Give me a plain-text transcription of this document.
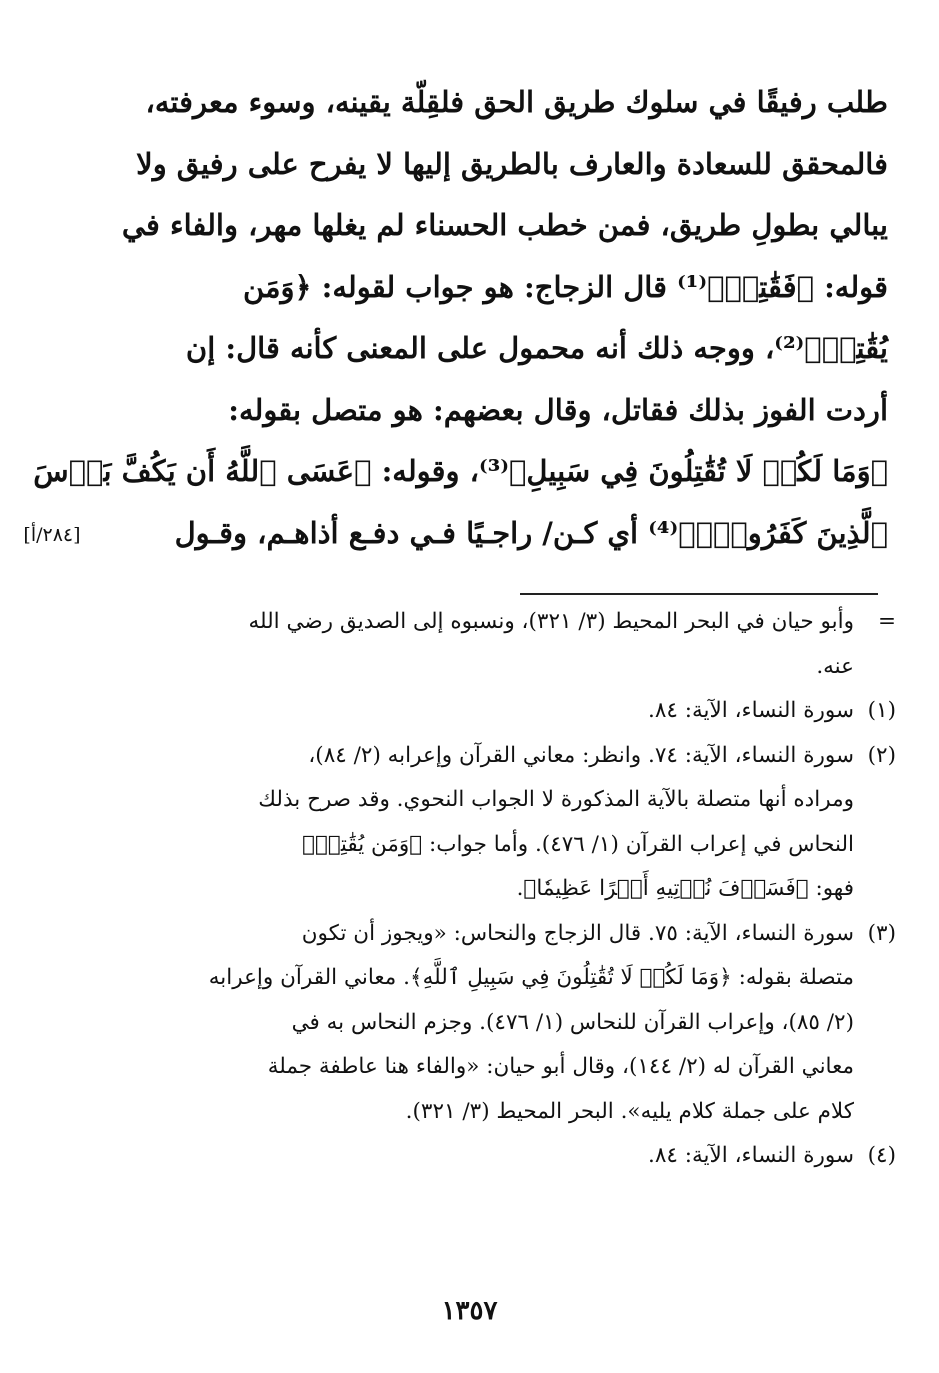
طلب رفيقًا في سلوك طريق الحق فلقِلّة يقينه، وسوء معرفته،
فالمحقق للسعادة والعارف بالطريق إليها لا يفرح على رفيق ولا
يبالي بطولِ طريق، فمن خطب الحسناء لم يغلها مهر، والفاء في
قوله: ﴿فَقَٰتِلۡ﴾⁽¹⁾ قال الزجاج: هو جواب لقوله: ﴿وَمَن
يُقَٰتِلۡ﴾⁽²⁾، ووجه ذلك أنه محمول على المعنى كأنه قال: إن
أردت الفوز بذلك فقاتل، وقال بعضهم: هو متصل بقوله:
﴿وَمَا لَكُمۡ لَا تُقَٰتِلُونَ فِي سَبِيلِ﴾⁽³⁾، وقوله: ﴿عَسَى ٱللَّهُ أَن يَكُفَّ بَأۡسَ
ٱلَّذِينَ كَفَرُواْۚ﴾⁽⁴⁾ أي كـن/ راجـيًا فـي دفـع أذاهـم، وقـول
[٢٨٤/أ]
=
وأبو حيان في البحر المحيط (٣/ ٣٢١)، ونسبوه إلى الصديق رضي الله
عنه.
(١)
سورة النساء، الآية: ٨٤.
(٢)
سورة النساء، الآية: ٧٤. وانظر: معاني القرآن وإعرابه (٢/ ٨٤)،
ومراده أنها متصلة بالآية المذكورة لا الجواب النحوي. وقد صرح بذلك
النحاس في إعراب القرآن (١/ ٤٧٦). وأما جواب: ﴿وَمَن يُقَٰتِلۡ﴾
فهو: ﴿فَسَوۡفَ نُؤۡتِيهِ أَجۡرًا عَظِيمٗا﴾.
(٣)
سورة النساء، الآية: ٧٥. قال الزجاج والنحاس: «ويجوز أن تكون
متصلة بقوله: ﴿وَمَا لَكُمۡ لَا تُقَٰتِلُونَ فِي سَبِيلِ ٱللَّهِ﴾. معاني القرآن وإعرابه
(٢/ ٨٥)، وإعراب القرآن للنحاس (١/ ٤٧٦). وجزم النحاس به في
معاني القرآن له (٢/ ١٤٤)، وقال أبو حيان: «والفاء هنا عاطفة جملة
كلام على جملة كلام يليه». البحر المحيط (٣/ ٣٢١).
(٤)
سورة النساء، الآية: ٨٤.
١٣٥٧
